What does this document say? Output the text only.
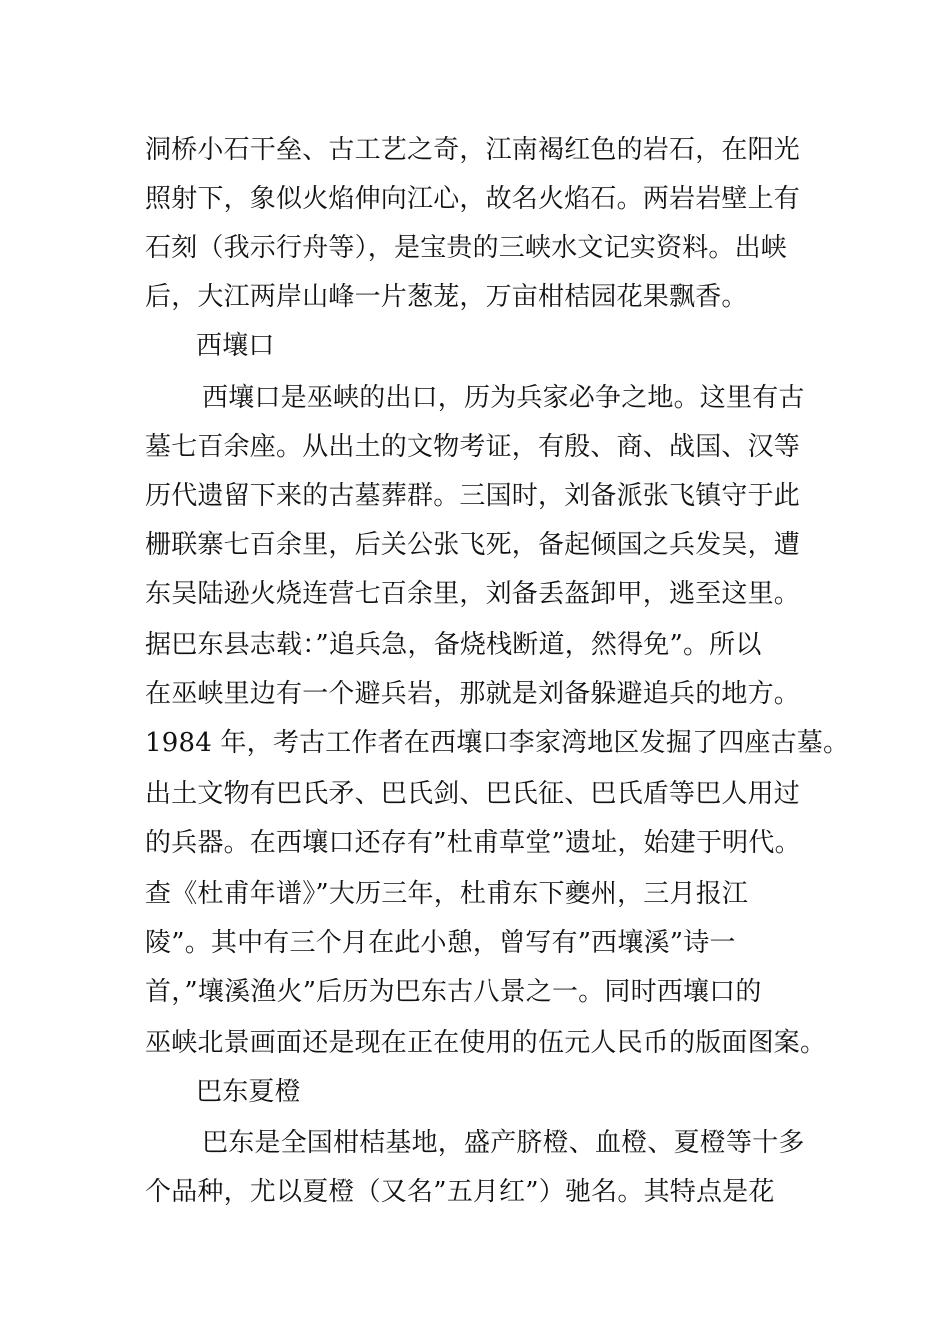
洞桥小石干垒、古工艺之奇，江南褐红色的岩石，在阳光
照射下，象似火焰伸向江心，故名火焰石。两岩岩壁上有
石刻（我示行舟等），是宝贵的三峡水文记实资料。出峡
后，大江两岸山峰一片葱茏，万亩柑桔园花果飘香。
西壤口
西壤口是巫峡的出口，历为兵家必争之地。这里有古
墓七百余座。从出土的文物考证，有殷、商、战国、汉等
历代遗留下来的古墓葬群。三国时，刘备派张飞镇守于此
栅联寨七百余里，后关公张飞死，备起倾国之兵发吴，遭
东吴陆逊火烧连营七百余里，刘备丢盔卸甲，逃至这里。
据巴东县志载：”追兵急，备烧栈断道，然得免”。所以
在巫峡里边有一个避兵岩，那就是刘备躲避追兵的地方。
1984 年，考古工作者在西壤口李家湾地区发掘了四座古墓。
出土文物有巴氏矛、巴氏剑、巴氏征、巴氏盾等巴人用过
的兵器。在西壤口还存有”杜甫草堂”遗址，始建于明代。
查《杜甫年谱》”大历三年，杜甫东下夔州，三月报江
陵”。其中有三个月在此小憩，曾写有”西壤溪”诗一
首，”壤溪渔火”后历为巴东古八景之一。同时西壤口的
巫峡北景画面还是现在正在使用的伍元人民币的版面图案。
巴东夏橙
巴东是全国柑桔基地，盛产脐橙、血橙、夏橙等十多
个品种，尤以夏橙（又名”五月红”）驰名。其特点是花
